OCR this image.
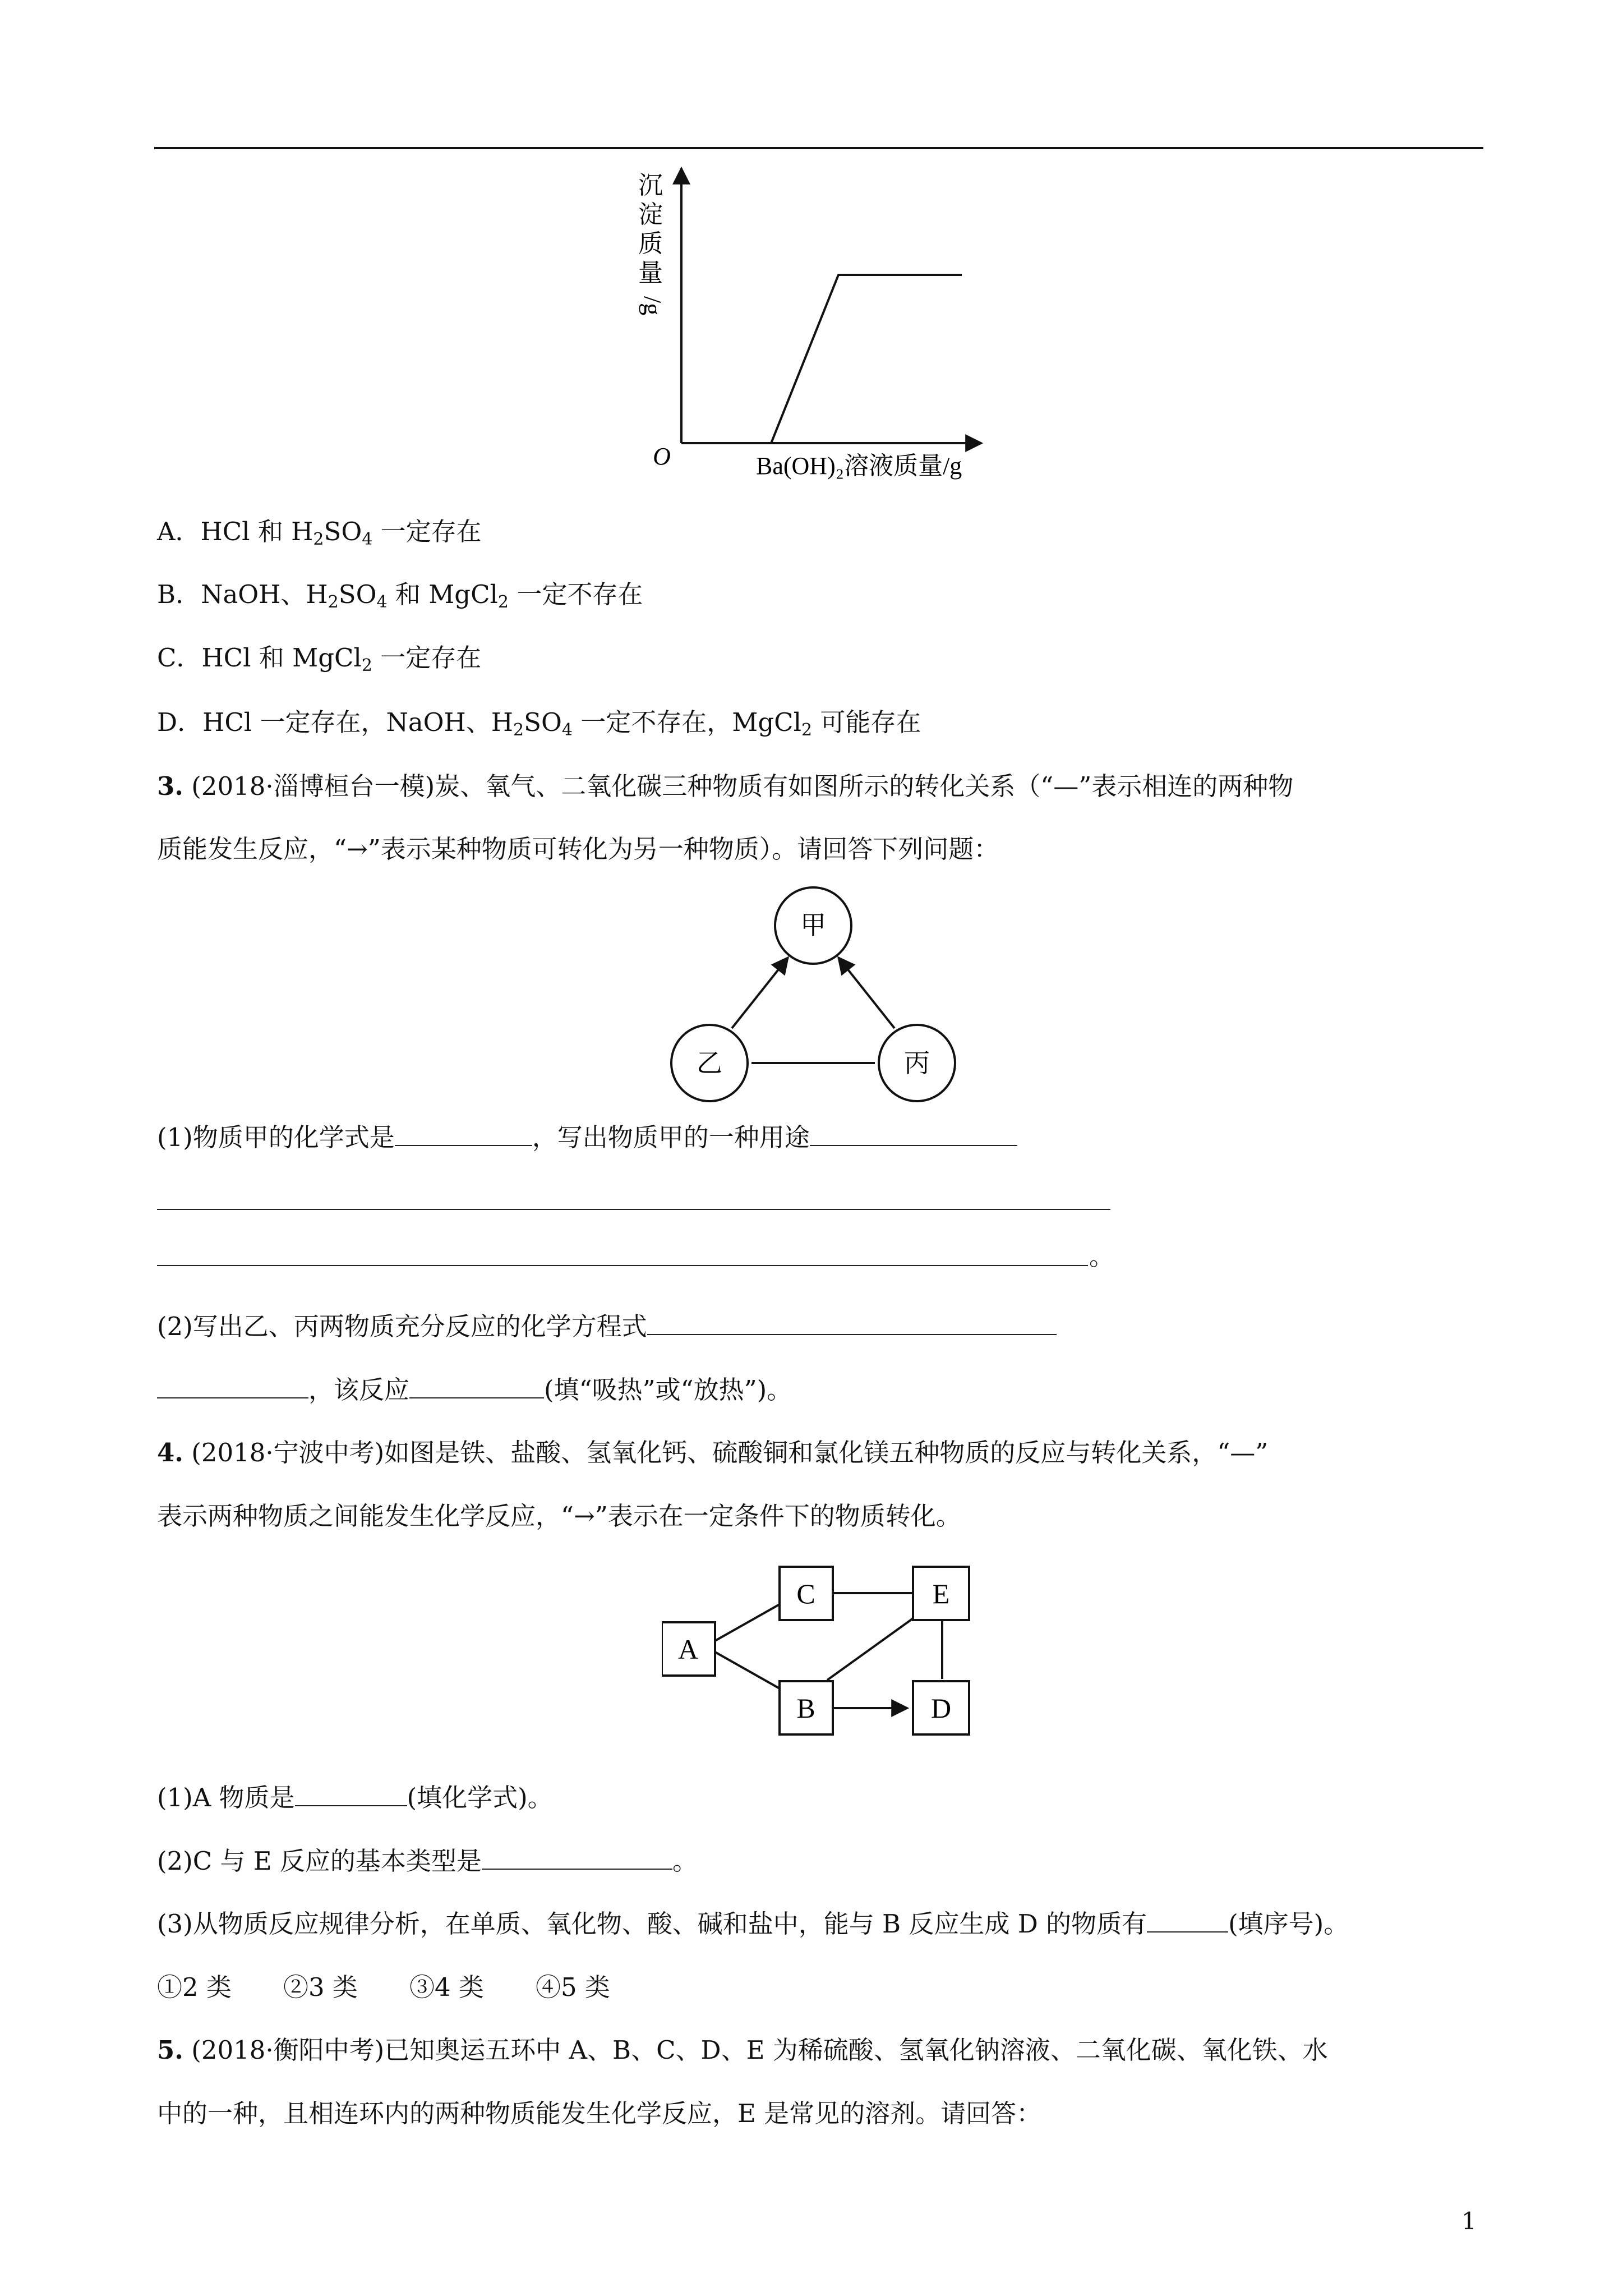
沉
淀
质
量
/g
O	Ba(OH)₂溶液质量/g
A．HCl 和 $H_2SO_4$ 一定存在
B．NaOH、$H_2SO_4$ 和 MgCl$_2$ 一定不存在
C．HCl 和 MgCl$_2$ 一定存在
D．HCl 一定存在，NaOH、$H_2SO_4$ 一定不存在，MgCl$_2$ 可能存在
3. (2018·淄博桓台一模)炭、氧气、二氧化碳三种物质有如图所示的转化关系（“—”表示相连的两种物
质能发生反应，“→”表示某种物质可转化为另一种物质）。请回答下列问题：
甲
乙	丙
(1)物质甲的化学式是	，写出物质甲的一种用途
。
(2)写出乙、丙两物质充分反应的化学方程式
，该反应	(填“吸热”或“放热”)。
4. (2018·宁波中考)如图是铁、盐酸、氢氧化钙、硫酸铜和氯化镁五种物质的反应与转化关系，“—”
表示两种物质之间能发生化学反应，“→”表示在一定条件下的物质转化。
A
C	E
B	D
(1)A 物质是	(填化学式)。
(2)C 与 E 反应的基本类型是	。
(3)从物质反应规律分析，在单质、氧化物、酸、碱和盐中，能与 B 反应生成 D 的物质有	(填序号)。
①2 类 ②3 类 ③4 类 ④5 类
5. (2018·衡阳中考)已知奥运五环中 A、B、C、D、E 为稀硫酸、氢氧化钠溶液、二氧化碳、氧化铁、水
中的一种，且相连环内的两种物质能发生化学反应，E 是常见的溶剂。请回答：
1
